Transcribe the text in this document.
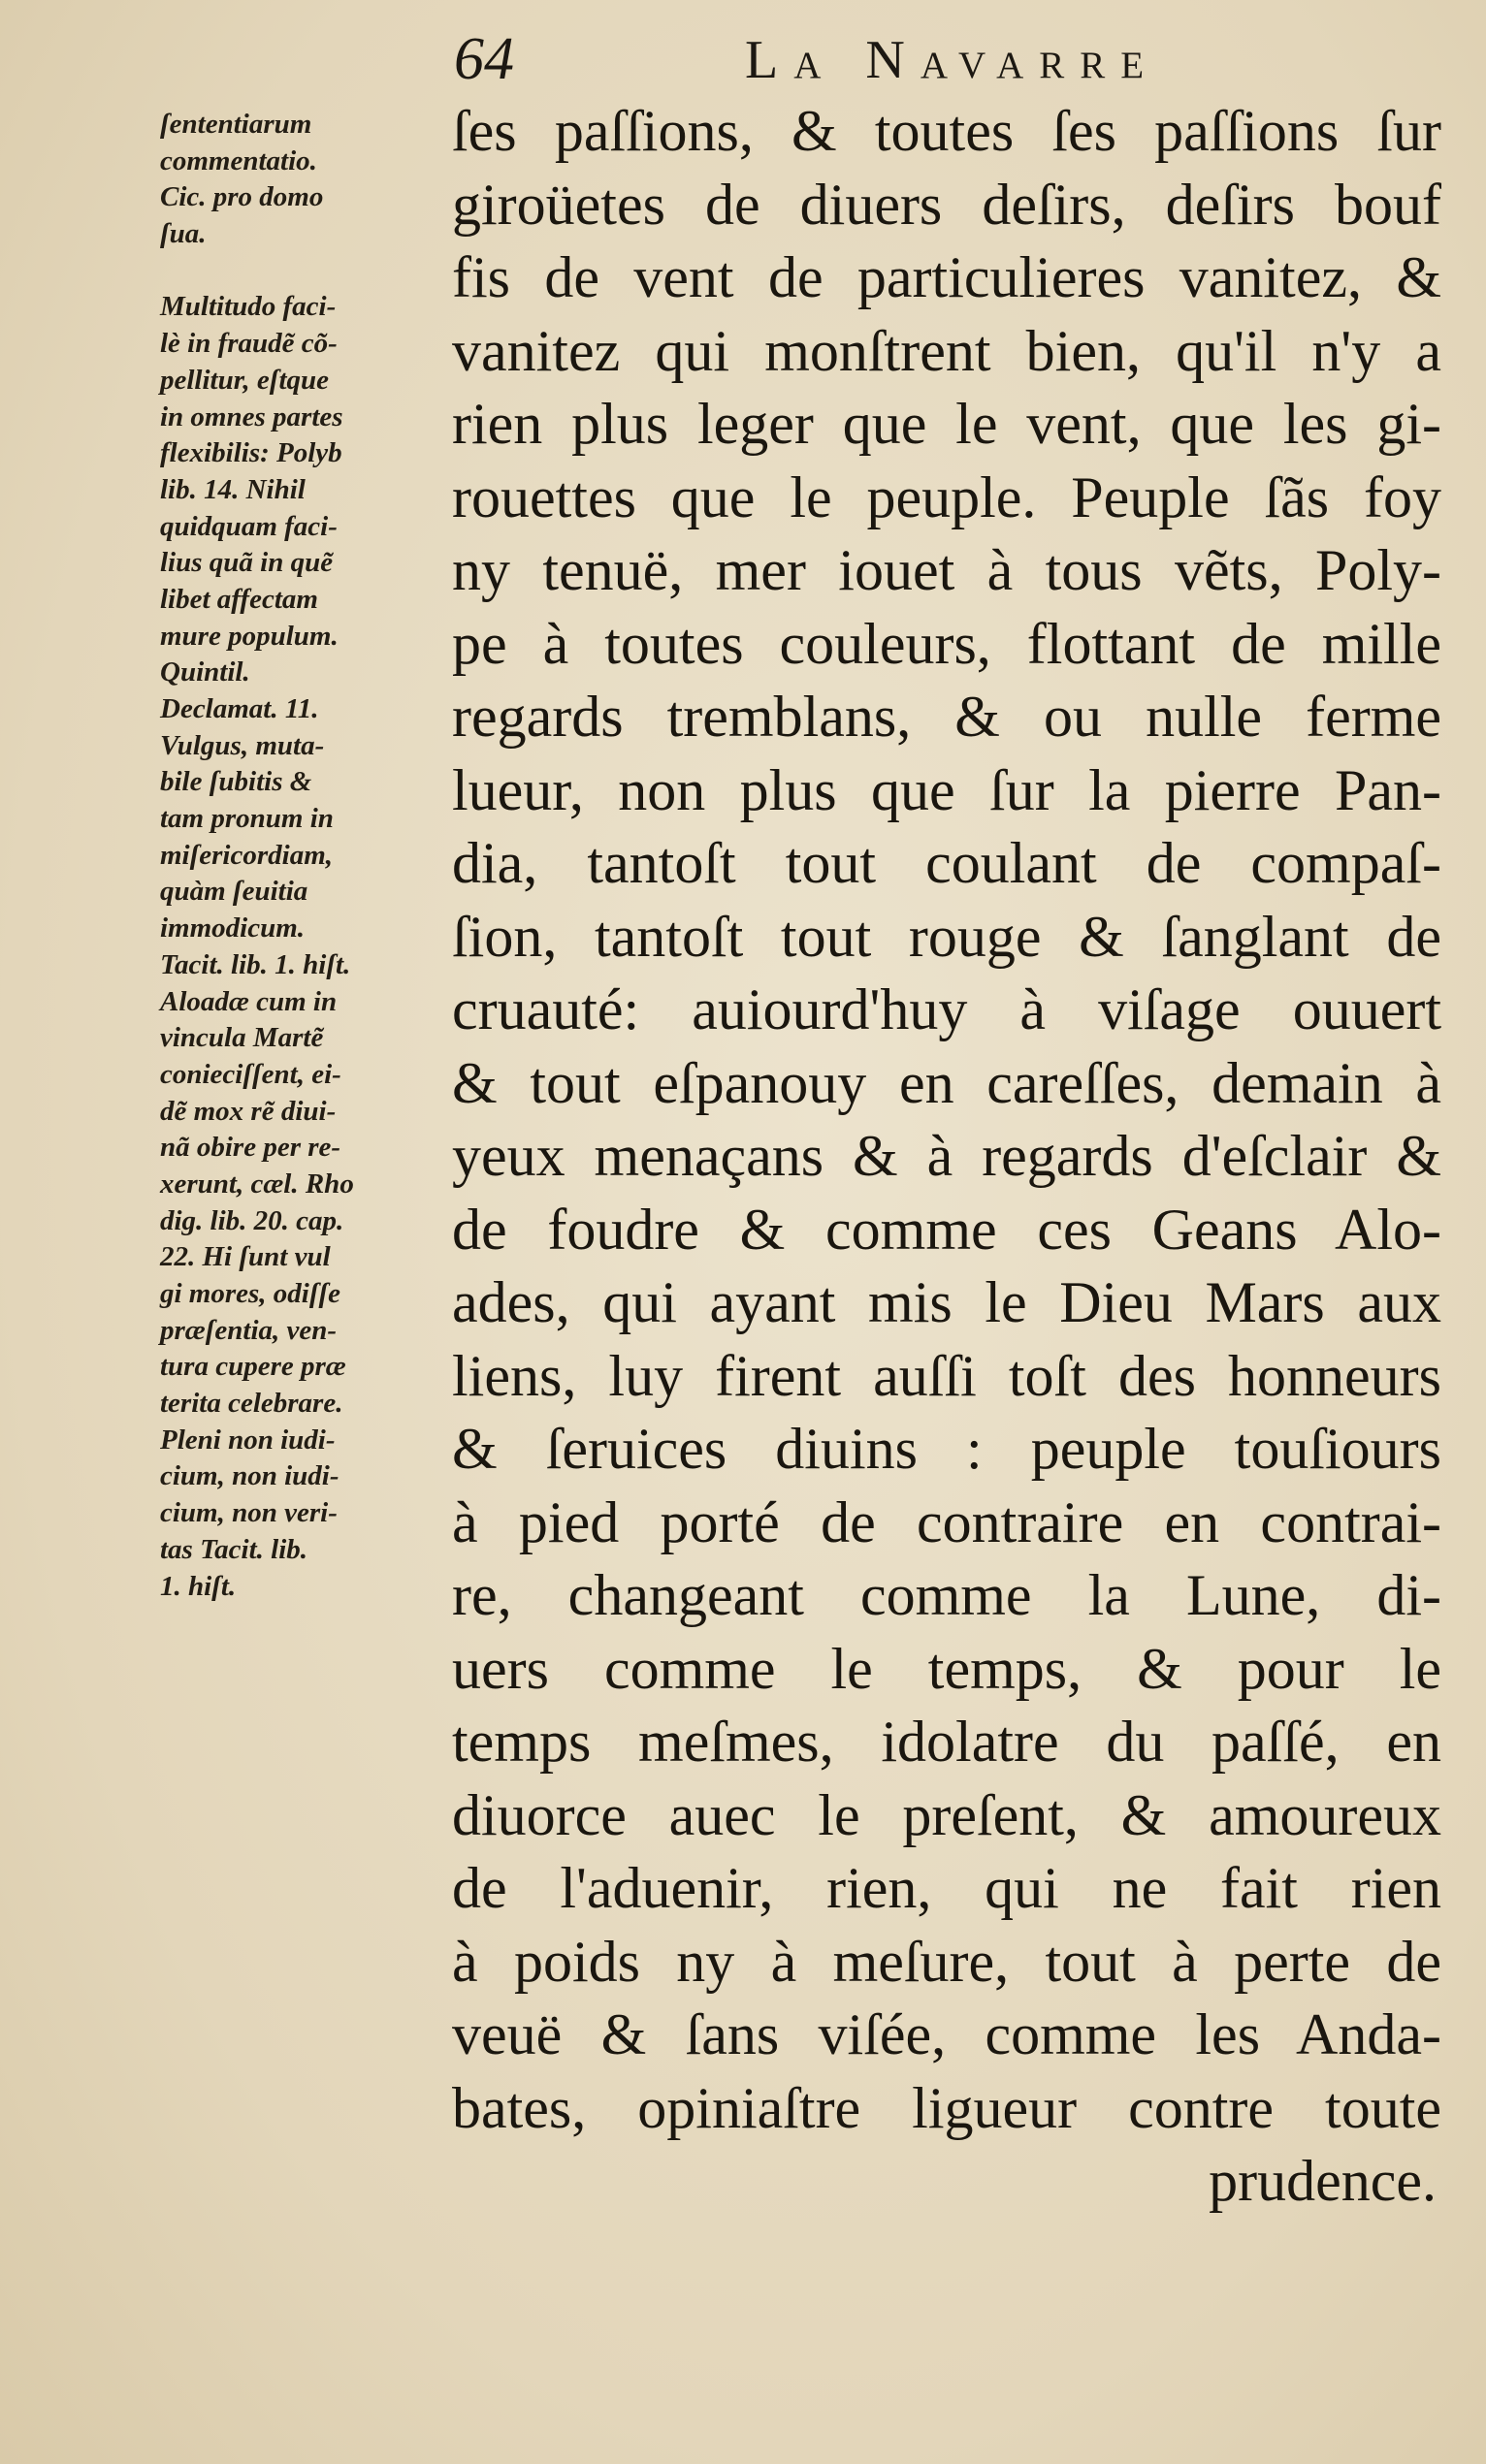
64	La Navarre
ſententiarum
commentatio.
Cic. pro domo
ſua.
Multitudo faci-
lè in fraudẽ cõ-
pellitur, eſtque
in omnes partes
flexibilis: Polyb
lib. 14. Nihil
quidquam faci-
lius quã in quẽ
libet affectam
mure populum.
Quintil.
Declamat. 11.
Vulgus, muta-
bile ſubitis &
tam pronum in
miſericordiam,
quàm ſeuitia
immodicum.
Tacit. lib. 1. hiſt.
Aloadæ cum in
vincula Martẽ
conieciſſent, ei-
dẽ mox rẽ diui-
nã obire per re-
xerunt, cæl. Rho
dig. lib. 20. cap.
22. Hi ſunt vul
gi mores, odiſſe
præſentia, ven-
tura cupere præ
terita celebrare.
Pleni non iudi-
cium, non iudi-
cium, non veri-
tas Tacit. lib.
1. hiſt.
ſes paſſions, & toutes ſes paſſions ſur
giroüetes de diuers deſirs, deſirs bouf
fis de vent de particulieres vanitez, &
vanitez qui monſtrent bien, qu'il n'y a
rien plus leger que le vent, que les gi-
rouettes que le peuple. Peuple ſãs foy
ny tenuë, mer iouet à tous vẽts, Poly-
pe à toutes couleurs, flottant de mille
regards tremblans, & ou nulle ferme
lueur, non plus que ſur la pierre Pan-
dia, tantoſt tout coulant de compaſ-
ſion, tantoſt tout rouge & ſanglant de
cruauté: auiourd'huy à viſage ouuert
& tout eſpanouy en careſſes, demain à
yeux menaçans & à regards d'eſclair &
de foudre & comme ces Geans Alo-
ades, qui ayant mis le Dieu Mars aux
liens, luy firent auſſi toſt des honneurs
& ſeruices diuins : peuple touſiours
à pied porté de contraire en contrai-
re, changeant comme la Lune, di-
uers comme le temps, & pour le
temps meſmes, idolatre du paſſé, en
diuorce auec le preſent, & amoureux
de l'aduenir, rien, qui ne fait rien
à poids ny à meſure, tout à perte de
veuë & ſans viſée, comme les Anda-
bates, opiniaſtre ligueur contre toute
prudence.
